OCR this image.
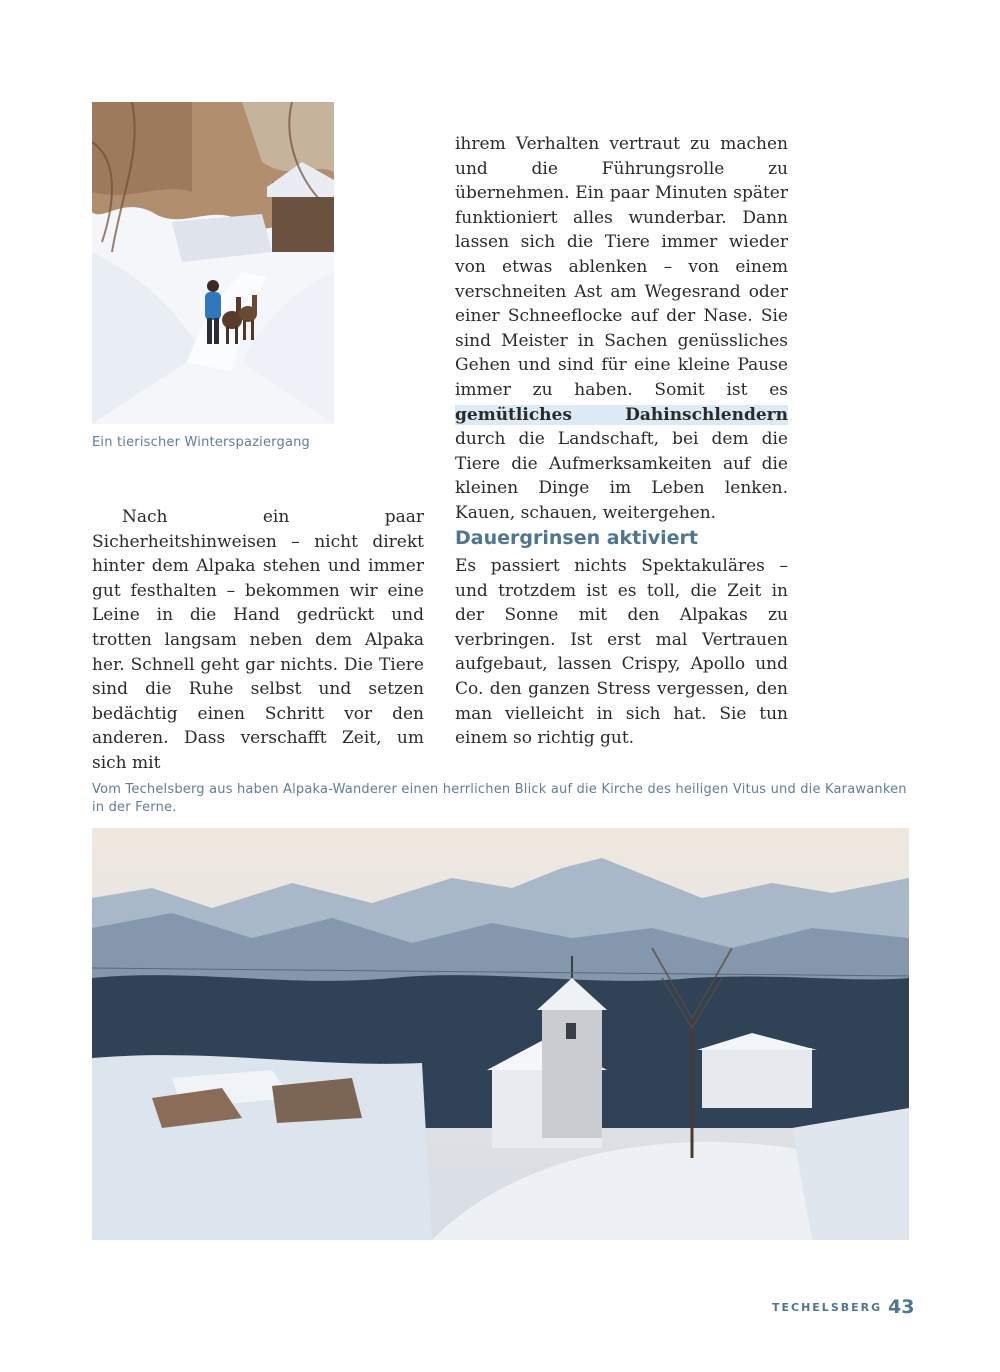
Ein tierischer Winterspaziergang

Nach ein paar Sicherheitshinweisen – nicht direkt hinter dem Alpaka stehen und immer gut festhalten – bekommen wir eine Leine in die Hand gedrückt und trotten langsam neben dem Alpaka her. Schnell geht gar nichts. Die Tiere sind die Ruhe selbst und setzen bedächtig einen Schritt vor den anderen. Dass verschafft Zeit, um sich mit

ihrem Verhalten vertraut zu machen und die Führungsrolle zu übernehmen. Ein paar Minuten später funktioniert alles wunderbar. Dann lassen sich die Tiere immer wieder von etwas ablenken – von einem verschneiten Ast am Wegesrand oder einer Schneeflocke auf der Nase. Sie sind Meister in Sachen genüssliches Gehen und sind für eine kleine Pause immer zu haben. Somit ist es gemütliches Dahinschlendern durch die Landschaft, bei dem die Tiere die Aufmerksamkeiten auf die kleinen Dinge im Leben lenken. Kauen, schauen, weitergehen.

Dauergrinsen aktiviert

Es passiert nichts Spektakuläres – und trotzdem ist es toll, die Zeit in der Sonne mit den Alpakas zu verbringen. Ist erst mal Vertrauen aufgebaut, lassen Crispy, Apollo und Co. den ganzen Stress vergessen, den man vielleicht in sich hat. Sie tun einem so richtig gut.

Vom Techelsberg aus haben Alpaka-Wanderer einen herrlichen Blick auf die Kirche des heiligen Vitus und die Karawanken in der Ferne.
TECHELSBERG 43
